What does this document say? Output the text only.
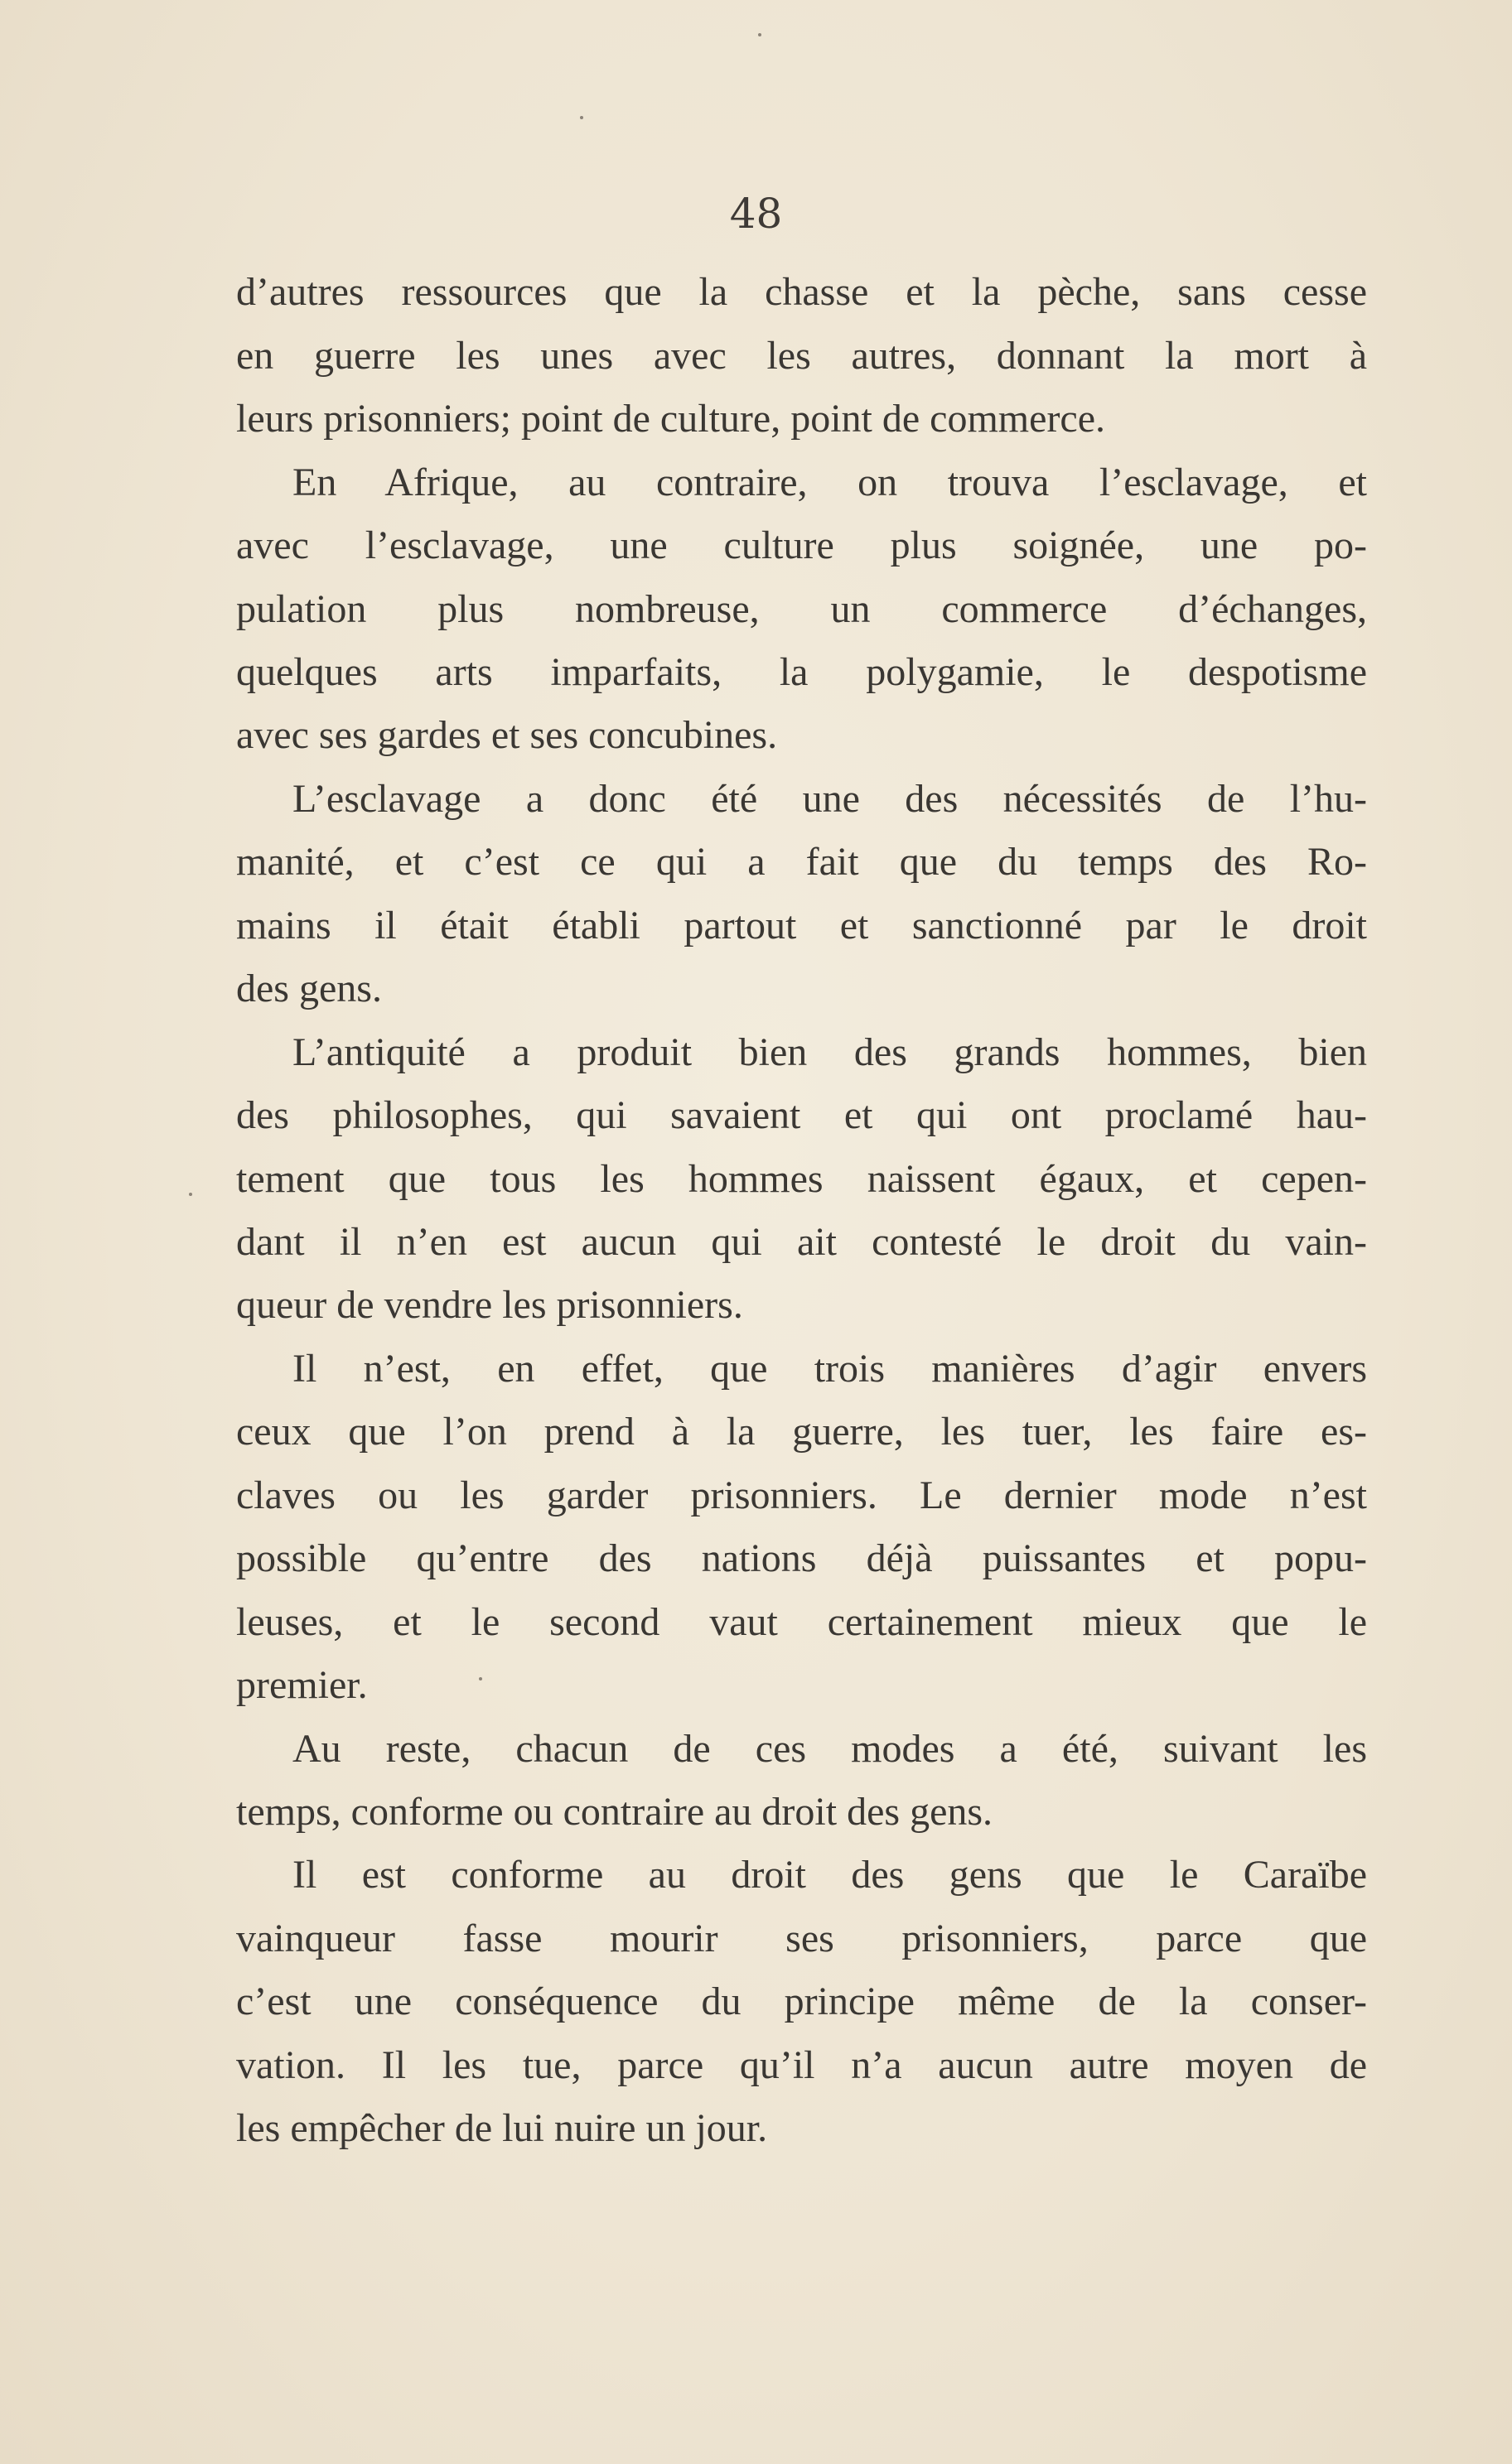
48
d’autres ressources que la chasse et la pèche, sans cesse
en guerre les unes avec les autres, donnant la mort à
leurs prisonniers; point de culture, point de commerce.
En Afrique, au contraire, on trouva l’esclavage, et
avec l’esclavage, une culture plus soignée, une po-
pulation plus nombreuse, un commerce d’échanges,
quelques arts imparfaits, la polygamie, le despotisme
avec ses gardes et ses concubines.
L’esclavage a donc été une des nécessités de l’hu-
manité, et c’est ce qui a fait que du temps des Ro-
mains il était établi partout et sanctionné par le droit
des gens.
L’antiquité a produit bien des grands hommes, bien
des philosophes, qui savaient et qui ont proclamé hau-
tement que tous les hommes naissent égaux, et cepen-
dant il n’en est aucun qui ait contesté le droit du vain-
queur de vendre les prisonniers.
Il n’est, en effet, que trois manières d’agir envers
ceux que l’on prend à la guerre, les tuer, les faire es-
claves ou les garder prisonniers. Le dernier mode n’est
possible qu’entre des nations déjà puissantes et popu-
leuses, et le second vaut certainement mieux que le
premier.
Au reste, chacun de ces modes a été, suivant les
temps, conforme ou contraire au droit des gens.
Il est conforme au droit des gens que le Caraïbe
vainqueur fasse mourir ses prisonniers, parce que
c’est une conséquence du principe même de la conser-
vation. Il les tue, parce qu’il n’a aucun autre moyen de
les empêcher de lui nuire un jour.
